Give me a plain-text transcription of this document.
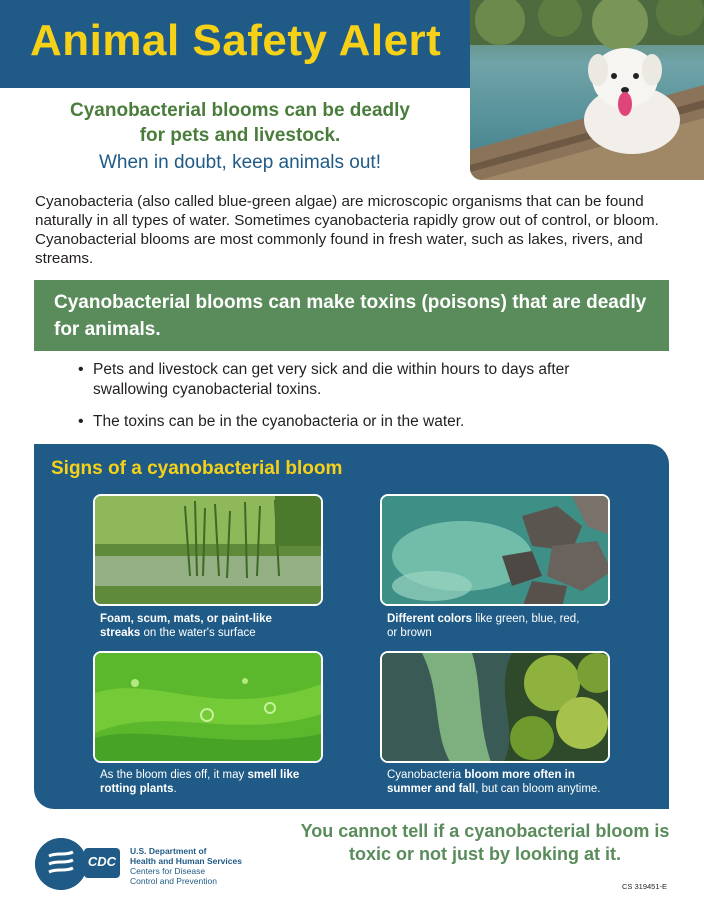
Animal Safety Alert
Cyanobacterial blooms can be deadly
for pets and livestock.
When in doubt, keep animals out!

Cyanobacteria (also called blue-green algae) are microscopic organisms that can be found naturally in all types of water. Sometimes cyanobacteria rapidly grow out of control, or bloom. Cyanobacterial blooms are most commonly found in fresh water, such as lakes, rivers, and streams.

Cyanobacterial blooms can make toxins (poisons) that are deadly for animals.
• Pets and livestock can get very sick and die within hours to days after swallowing cyanobacterial toxins.
• The toxins can be in the cyanobacteria or in the water.
Signs of a cyanobacterial bloom
Foam, scum, mats, or paint-like
streaks on the water's surface
Different colors like green, blue, red,
or brown
As the bloom dies off, it may smell like
rotting plants.
Cyanobacteria bloom more often in
summer and fall, but can bloom anytime.
You cannot tell if a cyanobacterial bloom is toxic or not just by looking at it.
CDC
U.S. Department of
Health and Human Services
Centers for Disease
Control and Prevention
CS 319451-E
